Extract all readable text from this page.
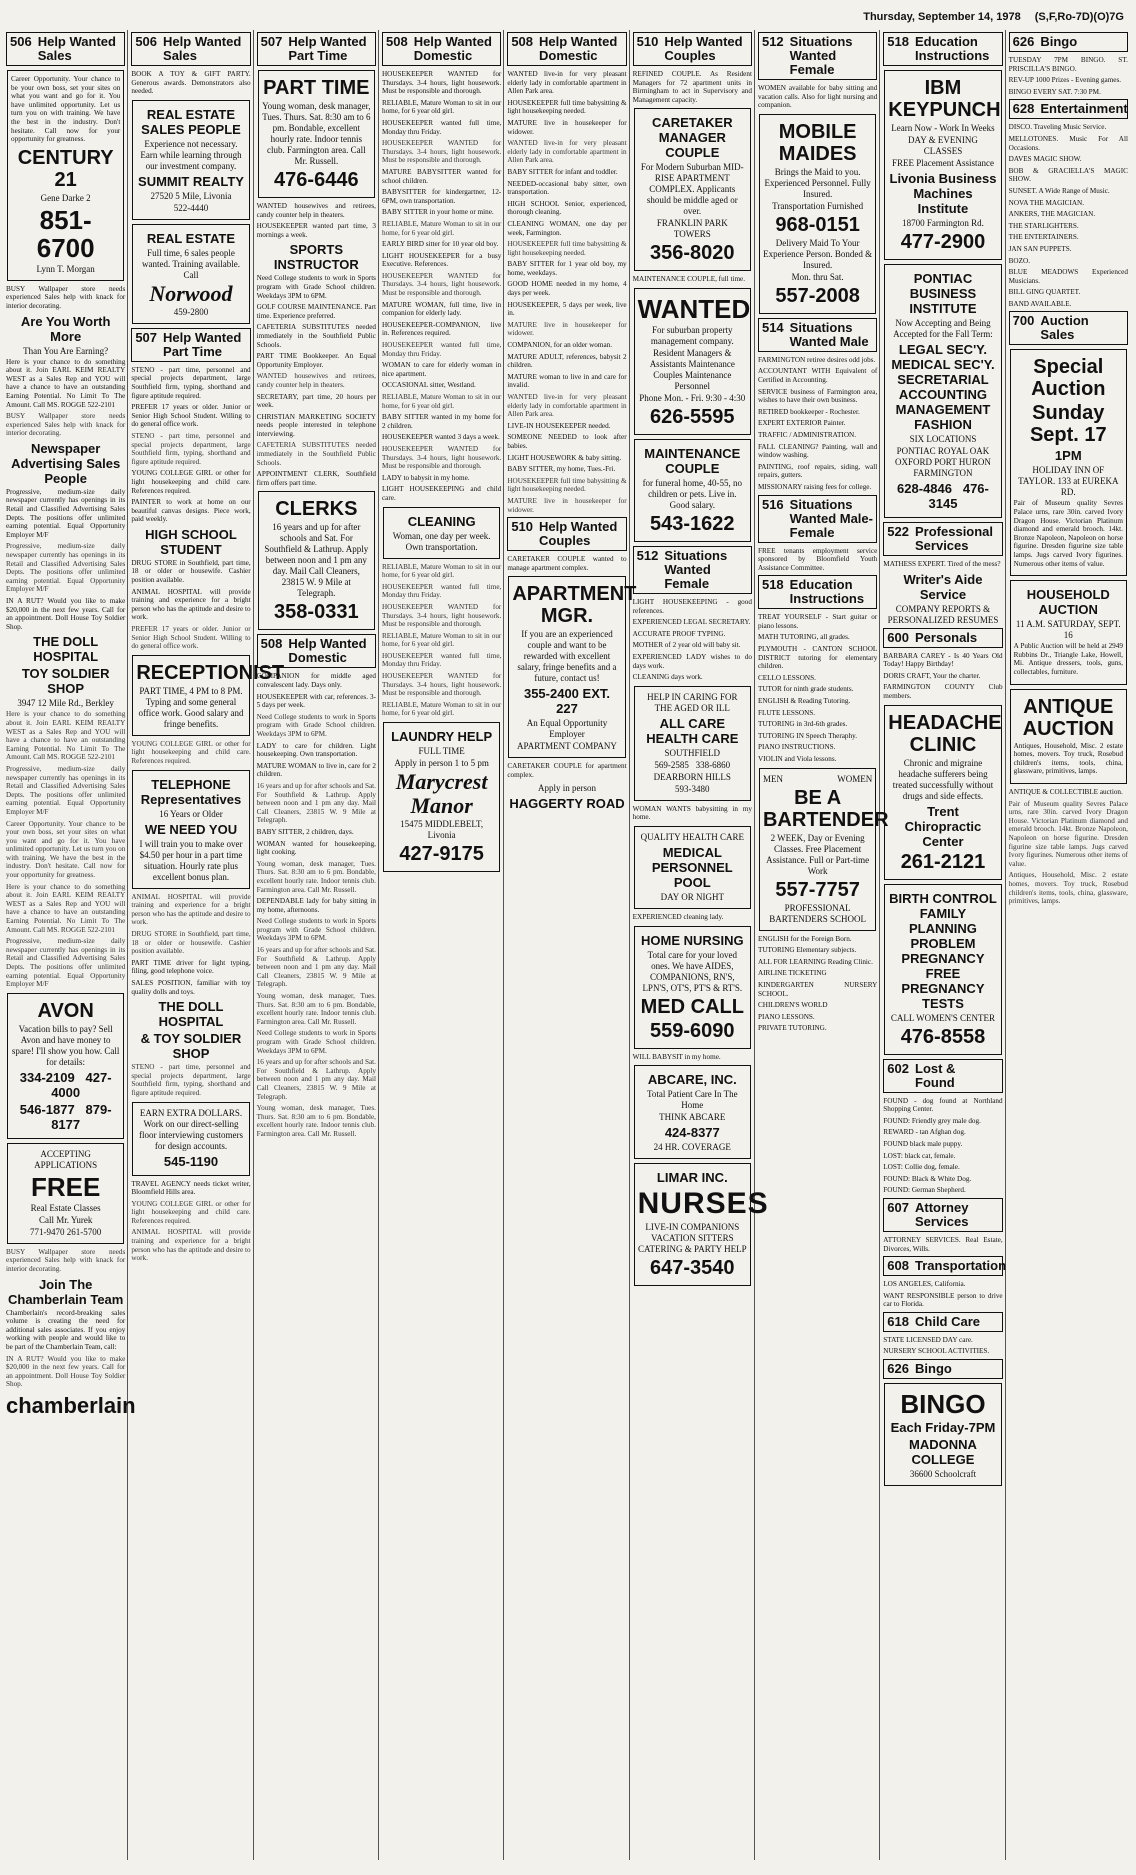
Thursday, September 14, 1978 (S,F,Ro-7D)(O)7G
506 Help Wanted Sales
Career Opportunity. Your chance to be your own boss, set your sites on what you want and go for it. You have unlimited opportunity. Let us turn you on with training. We have the best in the industry. Don't hesitate. Call now for your opportunity for greatness.
CENTURY 21
Gene Darke 2
851-6700
Lynn T. Morgan
BUSY Wallpaper store needs experienced Sales help with knack for interior decorating.
Are You Worth More
Than You Are Earning?
Here is your chance to do something about it. Join EARL KEIM REALTY WEST as a Sales Rep and YOU will have a chance to have an outstanding Earning Potential. No Limit To The Amount. Call MS. ROGGE 522-2101
BUSY Wallpaper store needs experienced Sales help with knack for interior decorating.
Newspaper Advertising Sales People
Progressive, medium-size daily newspaper currently has openings in its Retail and Classified Advertising Sales Depts. The positions offer unlimited earning potential. Equal Opportunity Employer M/F
Progressive, medium-size daily newspaper currently has openings in its Retail and Classified Advertising Sales Depts. The positions offer unlimited earning potential. Equal Opportunity Employer M/F
IN A RUT? Would you like to make $20,000 in the next few years. Call for an appointment. Doll House Toy Soldier Shop.
THE DOLL HOSPITAL
TOY SOLDIER SHOP
3947 12 Mile Rd., Berkley
Here is your chance to do something about it. Join EARL KEIM REALTY WEST as a Sales Rep and YOU will have a chance to have an outstanding Earning Potential. No Limit To The Amount. Call MS. ROGGE 522-2101
Progressive, medium-size daily newspaper currently has openings in its Retail and Classified Advertising Sales Depts. The positions offer unlimited earning potential. Equal Opportunity Employer M/F
Career Opportunity. Your chance to be your own boss, set your sites on what you want and go for it. You have unlimited opportunity. Let us turn you on with training. We have the best in the industry. Don't hesitate. Call now for your opportunity for greatness.
Here is your chance to do something about it. Join EARL KEIM REALTY WEST as a Sales Rep and YOU will have a chance to have an outstanding Earning Potential. No Limit To The Amount. Call MS. ROGGE 522-2101
Progressive, medium-size daily newspaper currently has openings in its Retail and Classified Advertising Sales Depts. The positions offer unlimited earning potential. Equal Opportunity Employer M/F
AVON
Vacation bills to pay? Sell Avon and have money to spare! I'll show you how. Call for details:
334-2109 427-4000
546-1877 879-8177
ACCEPTING APPLICATIONS
FREE
Real Estate Classes
Call Mr. Yurek
771-9470 261-5700
BUSY Wallpaper store needs experienced Sales help with knack for interior decorating.
Join The Chamberlain Team
Chamberlain's record-breaking sales volume is creating the need for additional sales associates. If you enjoy working with people and would like to be part of the Chamberlain Team, call:
IN A RUT? Would you like to make $20,000 in the next few years. Call for an appointment. Doll House Toy Soldier Shop.
chamberlain
506 Help Wanted Sales
BOOK A TOY & GIFT PARTY. Generous awards. Demonstrators also needed.
REAL ESTATE SALES PEOPLE
Experience not necessary. Earn while learning through our investment company.
SUMMIT REALTY
27520 5 Mile, Livonia
522-4440
REAL ESTATE
Full time, 6 sales people wanted. Training available. Call
Norwood
459-2800
507 Help Wanted Part Time
STENO - part time, personnel and special projects department, large Southfield firm, typing, shorthand and figure aptitude required.
PREFER 17 years or older. Junior or Senior High School Student. Willing to do general office work.
STENO - part time, personnel and special projects department, large Southfield firm, typing, shorthand and figure aptitude required.
YOUNG COLLEGE GIRL or other for light housekeeping and child care. References required.
PAINTER to work at home on our beautiful canvas designs. Piece work, paid weekly.
HIGH SCHOOL STUDENT
DRUG STORE in Southfield, part time, 18 or older or housewife. Cashier position available.
ANIMAL HOSPITAL will provide training and experience for a bright person who has the aptitude and desire to work.
PREFER 17 years or older. Junior or Senior High School Student. Willing to do general office work.
RECEPTIONIST
PART TIME, 4 PM to 8 PM. Typing and some general office work. Good salary and fringe benefits.
YOUNG COLLEGE GIRL or other for light housekeeping and child care. References required.
TELEPHONE Representatives
16 Years or Older
WE NEED YOU
I will train you to make over $4.50 per hour in a part time situation. Hourly rate plus excellent bonus plan.
ANIMAL HOSPITAL will provide training and experience for a bright person who has the aptitude and desire to work.
DRUG STORE in Southfield, part time, 18 or older or housewife. Cashier position available.
PART TIME driver for light typing, filing, good telephone voice.
SALES POSITION, familiar with toy quality dolls and toys.
THE DOLL HOSPITAL
& TOY SOLDIER SHOP
STENO - part time, personnel and special projects department, large Southfield firm, typing, shorthand and figure aptitude required.
EARN EXTRA DOLLARS. Work on our direct-selling floor interviewing customers for design accounts.
545-1190
TRAVEL AGENCY needs ticket writer, Bloomfield Hills area.
YOUNG COLLEGE GIRL or other for light housekeeping and child care. References required.
ANIMAL HOSPITAL will provide training and experience for a bright person who has the aptitude and desire to work.
507 Help Wanted Part Time
PART TIME
Young woman, desk manager, Tues. Thurs. Sat. 8:30 am to 6 pm. Bondable, excellent hourly rate. Indoor tennis club. Farmington area. Call Mr. Russell.
476-6446
WANTED housewives and retirees, candy counter help in theaters.
HOUSEKEEPER wanted part time, 3 mornings a week.
SPORTS INSTRUCTOR
Need College students to work in Sports program with Grade School children. Weekdays 3PM to 6PM.
GOLF COURSE MAINTENANCE. Part time. Experience preferred.
CAFETERIA SUBSTITUTES needed immediately in the Southfield Public Schools.
PART TIME Bookkeeper. An Equal Opportunity Employer.
WANTED housewives and retirees, candy counter help in theaters.
SECRETARY, part time, 20 hours per week.
CHRISTIAN MARKETING SOCIETY needs people interested in telephone interviewing.
CAFETERIA SUBSTITUTES needed immediately in the Southfield Public Schools.
APPOINTMENT CLERK, Southfield firm offers part time.
CLERKS
16 years and up for after schools and Sat. For Southfield & Lathrup. Apply between noon and 1 pm any day. Mail Call Cleaners, 23815 W. 9 Mile at Telegraph.
358-0331
508 Help Wanted Domestic
COMPANION for middle aged convalescent lady. Days only.
HOUSEKEEPER with car, references. 3-5 days per week.
Need College students to work in Sports program with Grade School children. Weekdays 3PM to 6PM.
LADY to care for children. Light housekeeping. Own transportation.
MATURE WOMAN to live in, care for 2 children.
16 years and up for after schools and Sat. For Southfield & Lathrup. Apply between noon and 1 pm any day. Mail Call Cleaners, 23815 W. 9 Mile at Telegraph.
BABY SITTER, 2 children, days.
WOMAN wanted for housekeeping, light cooking.
Young woman, desk manager, Tues. Thurs. Sat. 8:30 am to 6 pm. Bondable, excellent hourly rate. Indoor tennis club. Farmington area. Call Mr. Russell.
DEPENDABLE lady for baby sitting in my home, afternoons.
Need College students to work in Sports program with Grade School children. Weekdays 3PM to 6PM.
16 years and up for after schools and Sat. For Southfield & Lathrup. Apply between noon and 1 pm any day. Mail Call Cleaners, 23815 W. 9 Mile at Telegraph.
Young woman, desk manager, Tues. Thurs. Sat. 8:30 am to 6 pm. Bondable, excellent hourly rate. Indoor tennis club. Farmington area. Call Mr. Russell.
Need College students to work in Sports program with Grade School children. Weekdays 3PM to 6PM.
16 years and up for after schools and Sat. For Southfield & Lathrup. Apply between noon and 1 pm any day. Mail Call Cleaners, 23815 W. 9 Mile at Telegraph.
Young woman, desk manager, Tues. Thurs. Sat. 8:30 am to 6 pm. Bondable, excellent hourly rate. Indoor tennis club. Farmington area. Call Mr. Russell.
508 Help Wanted Domestic
HOUSEKEEPER WANTED for Thursdays. 3-4 hours, light housework. Must be responsible and thorough.
RELIABLE, Mature Woman to sit in our home, for 6 year old girl.
HOUSEKEEPER wanted full time, Monday thru Friday.
HOUSEKEEPER WANTED for Thursdays. 3-4 hours, light housework. Must be responsible and thorough.
MATURE BABYSITTER wanted for school children.
BABYSITTER for kindergartner, 12-6PM, own transportation.
BABY SITTER in your home or mine.
RELIABLE, Mature Woman to sit in our home, for 6 year old girl.
EARLY BIRD sitter for 10 year old boy.
LIGHT HOUSEKEEPER for a busy Executive. References.
HOUSEKEEPER WANTED for Thursdays. 3-4 hours, light housework. Must be responsible and thorough.
MATURE WOMAN, full time, live in companion for elderly lady.
HOUSEKEEPER-COMPANION, live in. References required.
HOUSEKEEPER wanted full time, Monday thru Friday.
WOMAN to care for elderly woman in nice apartment.
OCCASIONAL sitter, Westland.
RELIABLE, Mature Woman to sit in our home, for 6 year old girl.
BABY SITTER wanted in my home for 2 children.
HOUSEKEEPER wanted 3 days a week.
HOUSEKEEPER WANTED for Thursdays. 3-4 hours, light housework. Must be responsible and thorough.
LADY to babysit in my home.
LIGHT HOUSEKEEPING and child care.
CLEANING
Woman, one day per week. Own transportation.
RELIABLE, Mature Woman to sit in our home, for 6 year old girl.
HOUSEKEEPER wanted full time, Monday thru Friday.
HOUSEKEEPER WANTED for Thursdays. 3-4 hours, light housework. Must be responsible and thorough.
RELIABLE, Mature Woman to sit in our home, for 6 year old girl.
HOUSEKEEPER wanted full time, Monday thru Friday.
HOUSEKEEPER WANTED for Thursdays. 3-4 hours, light housework. Must be responsible and thorough.
RELIABLE, Mature Woman to sit in our home, for 6 year old girl.
LAUNDRY HELP
FULL TIME
Apply in person 1 to 5 pm
Marycrest Manor
15475 MIDDLEBELT, Livonia
427-9175
508 Help Wanted Domestic
WANTED live-in for very pleasant elderly lady in comfortable apartment in Allen Park area.
HOUSEKEEPER full time babysitting & light housekeeping needed.
MATURE live in housekeeper for widower.
WANTED live-in for very pleasant elderly lady in comfortable apartment in Allen Park area.
BABY SITTER for infant and toddler.
NEEDED-occasional baby sitter, own transportation.
HIGH SCHOOL Senior, experienced, thorough cleaning.
CLEANING WOMAN, one day per week, Farmington.
HOUSEKEEPER full time babysitting & light housekeeping needed.
BABY SITTER for 1 year old boy, my home, weekdays.
GOOD HOME needed in my home, 4 days per week.
HOUSEKEEPER, 5 days per week, live in.
MATURE live in housekeeper for widower.
COMPANION, for an older woman.
MATURE ADULT, references, babysit 2 children.
MATURE woman to live in and care for invalid.
WANTED live-in for very pleasant elderly lady in comfortable apartment in Allen Park area.
LIVE-IN HOUSEKEEPER needed.
SOMEONE NEEDED to look after babies.
LIGHT HOUSEWORK & baby sitting.
BABY SITTER, my home, Tues.-Fri.
HOUSEKEEPER full time babysitting & light housekeeping needed.
MATURE live in housekeeper for widower.
510 Help Wanted Couples
CARETAKER COUPLE wanted to manage apartment complex.
APARTMENT MGR.
If you are an experienced couple and want to be rewarded with excellent salary, fringe benefits and a future, contact us!
355-2400 EXT. 227
An Equal Opportunity Employer
APARTMENT COMPANY
CARETAKER COUPLE for apartment complex.
Apply in person
HAGGERTY ROAD
510 Help Wanted Couples
REFINED COUPLE. As Resident Managers for 72 apartment units in Birmingham to act in Supervisory and Management capacity.
CARETAKER MANAGER COUPLE
For Modern Suburban MID-RISE APARTMENT COMPLEX. Applicants should be middle aged or over.
FRANKLIN PARK TOWERS
356-8020
MAINTENANCE COUPLE, full time.
WANTED
For suburban property management company.
Resident Managers & Assistants Maintenance Couples Maintenance Personnel
Phone Mon. - Fri. 9:30 - 4:30
626-5595
MAINTENANCE COUPLE
for funeral home, 40-55, no children or pets. Live in. Good salary.
543-1622
512 Situations Wanted Female
LIGHT HOUSEKEEPING - good references.
EXPERIENCED LEGAL SECRETARY.
ACCURATE PROOF TYPING.
MOTHER of 2 year old will baby sit.
EXPERIENCED LADY wishes to do days work.
CLEANING days work.
HELP IN CARING FOR THE AGED OR ILL
ALL CARE HEALTH CARE
SOUTHFIELD
569-2585 338-6860
DEARBORN HILLS
593-3480
WOMAN WANTS babysitting in my home.
QUALITY HEALTH CARE
MEDICAL PERSONNEL POOL
DAY OR NIGHT
EXPERIENCED cleaning lady.
HOME NURSING
Total care for your loved ones. We have AIDES, COMPANIONS, RN'S, LPN'S, OT'S, PT'S & RT'S.
MED CALL
559-6090
WILL BABYSIT in my home.
ABCARE, INC.
Total Patient Care In The Home
THINK ABCARE
424-8377
24 HR. COVERAGE
LIMAR INC.
NURSES
LIVE-IN COMPANIONS VACATION SITTERS CATERING & PARTY HELP
647-3540
512 Situations Wanted Female
WOMEN available for baby sitting and vacation calls. Also for light nursing and companion.
MOBILE MAIDES
Brings the Maid to you. Experienced Personnel. Fully Insured.
Transportation Furnished
968-0151
Delivery Maid To Your Experience Person. Bonded & Insured.
Mon. thru Sat.
557-2008
514 Situations Wanted Male
FARMINGTON retiree desires odd jobs.
ACCOUNTANT WITH Equivalent of Certified in Accounting.
SERVICE business of Farmington area, wishes to have their own business.
RETIRED bookkeeper - Rochester.
EXPERT EXTERIOR Painter.
TRAFFIC / ADMINISTRATION.
FALL CLEANING? Painting, wall and window washing.
PAINTING, roof repairs, siding, wall repairs, gutters.
MISSIONARY raising fees for college.
516 Situations Wanted Male-Female
FREE tenants employment service sponsored by Bloomfield Youth Assistance Committee.
518 Education Instructions
TREAT YOURSELF - Start guitar or piano lessons.
MATH TUTORING, all grades.
PLYMOUTH - CANTON SCHOOL DISTRICT tutoring for elementary children.
CELLO LESSONS.
TUTOR for ninth grade students.
ENGLISH & Reading Tutoring.
FLUTE LESSONS.
TUTORING in 3rd-6th grades.
TUTORING IN Speech Theraphy.
PIANO INSTRUCTIONS.
VIOLIN and Viola lessons.
MEN	WOMEN
BE A BARTENDER
2 WEEK, Day or Evening Classes. Free Placement Assistance. Full or Part-time Work
557-7757
PROFESSIONAL BARTENDERS SCHOOL
ENGLISH for the Foreign Born.
TUTORING Elementary subjects.
ALL FOR LEARNING Reading Clinic.
AIRLINE TICKETING
KINDERGARTEN NURSERY SCHOOL.
CHILDREN'S WORLD
PIANO LESSONS.
PRIVATE TUTORING.
518 Education Instructions
IBM KEYPUNCH
Learn Now - Work In Weeks
DAY & EVENING CLASSES
FREE Placement Assistance
Livonia Business Machines Institute
18700 Farmington Rd.
477-2900
PONTIAC BUSINESS INSTITUTE
Now Accepting and Being Accepted for the Fall Term:
LEGAL SEC'Y. MEDICAL SEC'Y. SECRETARIAL ACCOUNTING MANAGEMENT FASHION
SIX LOCATIONS
PONTIAC ROYAL OAK OXFORD PORT HURON FARMINGTON
628-4846 476-3145
522 Professional Services
MATHESS EXPERT. Tired of the mess?
Writer's Aide Service
COMPANY REPORTS & PERSONALIZED RESUMES
600 Personals
BARBARA CAREY - Is 40 Years Old Today! Happy Birthday!
DORIS CRAFT, Your the charter.
FARMINGTON COUNTY Club members.
HEADACHE CLINIC
Chronic and migraine headache sufferers being treated successfully without drugs and side effects.
Trent Chiropractic Center
261-2121
BIRTH CONTROL FAMILY PLANNING PROBLEM PREGNANCY FREE PREGNANCY TESTS
CALL WOMEN'S CENTER
476-8558
602 Lost & Found
FOUND - dog found at Northland Shopping Center.
FOUND: Friendly grey male dog.
REWARD - tan Afghan dog.
FOUND black male puppy.
LOST: black cat, female.
LOST: Collie dog, female.
FOUND: Black & White Dog.
FOUND: German Shepherd.
607 Attorney Services
ATTORNEY SERVICES. Real Estate, Divorces, Wills.
608 Transportation
LOS ANGELES, California.
WANT RESPONSIBLE person to drive car to Florida.
618 Child Care
STATE LICENSED DAY care.
NURSERY SCHOOL ACTIVITIES.
626 Bingo
BINGO
Each Friday-7PM
MADONNA COLLEGE
36600 Schoolcraft
626 Bingo
TUESDAY 7PM BINGO. ST. PRISCILLA'S BINGO.
REV-UP 1000 Prizes - Evening games.
BINGO EVERY SAT. 7:30 PM.
628 Entertainment
DISCO. Traveling Music Service.
MELLOTONES. Music For All Occasions.
DAVES MAGIC SHOW.
BOB & GRACIELLA'S MAGIC SHOW.
SUNSET. A Wide Range of Music.
NOVA THE MAGICIAN.
ANKERS, THE MAGICIAN.
THE STARLIGHTERS.
THE ENTERTAINERS.
JAN SAN PUPPETS.
BOZO.
BLUE MEADOWS Experienced Musicians.
BILL GING QUARTET.
BAND AVAILABLE.
700 Auction Sales
Special Auction
Sunday Sept. 17
1PM
HOLIDAY INN OF TAYLOR. 133 at EUREKA RD.
Pair of Museum quality Sevres Palace urns, rare 30in. carved Ivory Dragon House. Victorian Platinum diamond and emerald brooch. 14kt. Bronze Napoleon, Napoleon on horse figurine. Dresden figurine size table lamps. Jugs carved Ivory figurines. Numerous other items of value.
HOUSEHOLD AUCTION
11 A.M. SATURDAY, SEPT. 16
A Public Auction will be held at 2949 Rubbins Dr., Triangle Lake, Howell, Mi. Antique dressers, tools, guns, collectables, furniture.
ANTIQUE AUCTION
Antiques, Household, Misc. 2 estate homes, movers. Toy truck, Rosebud children's items, tools, china, glassware, primitives, lamps.
ANTIQUE & COLLECTIBLE auction.
Pair of Museum quality Sevres Palace urns, rare 30in. carved Ivory Dragon House. Victorian Platinum diamond and emerald brooch. 14kt. Bronze Napoleon, Napoleon on horse figurine. Dresden figurine size table lamps. Jugs carved Ivory figurines. Numerous other items of value.
Antiques, Household, Misc. 2 estate homes, movers. Toy truck, Rosebud children's items, tools, china, glassware, primitives, lamps.
